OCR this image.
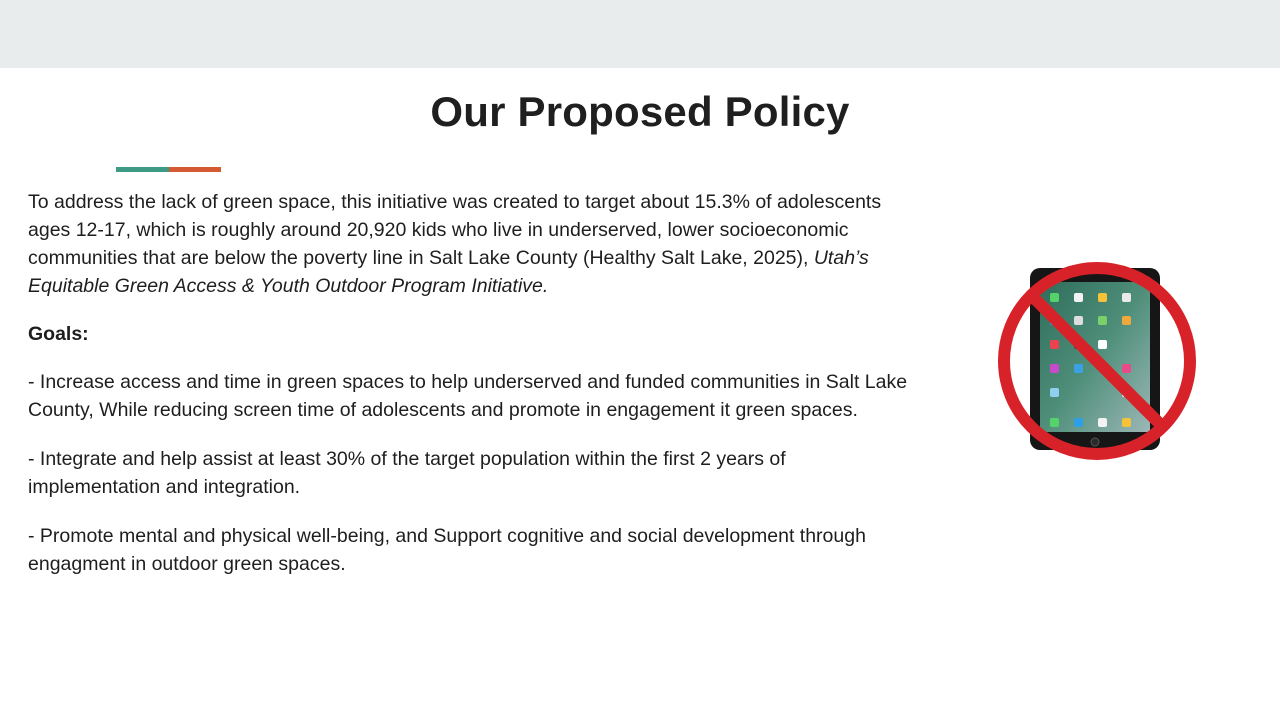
Our Proposed Policy

To address the lack of green space, this initiative was created to target about 15.3% of adolescents ages 12-17, which is roughly around 20,920 kids who live in underserved, lower socioeconomic communities that are below the poverty line in Salt Lake County (Healthy Salt Lake, 2025), Utah’s Equitable Green Access & Youth Outdoor Program Initiative.

Goals:

- Increase access and time in green spaces to help underserved and funded communities in Salt Lake County, While reducing screen time of adolescents and promote in engagement it green spaces.

- Integrate and help assist at least 30% of the target population within the first 2 years of implementation and integration.

- Promote mental and physical well-being, and Support cognitive and social development through engagment in outdoor green spaces.
